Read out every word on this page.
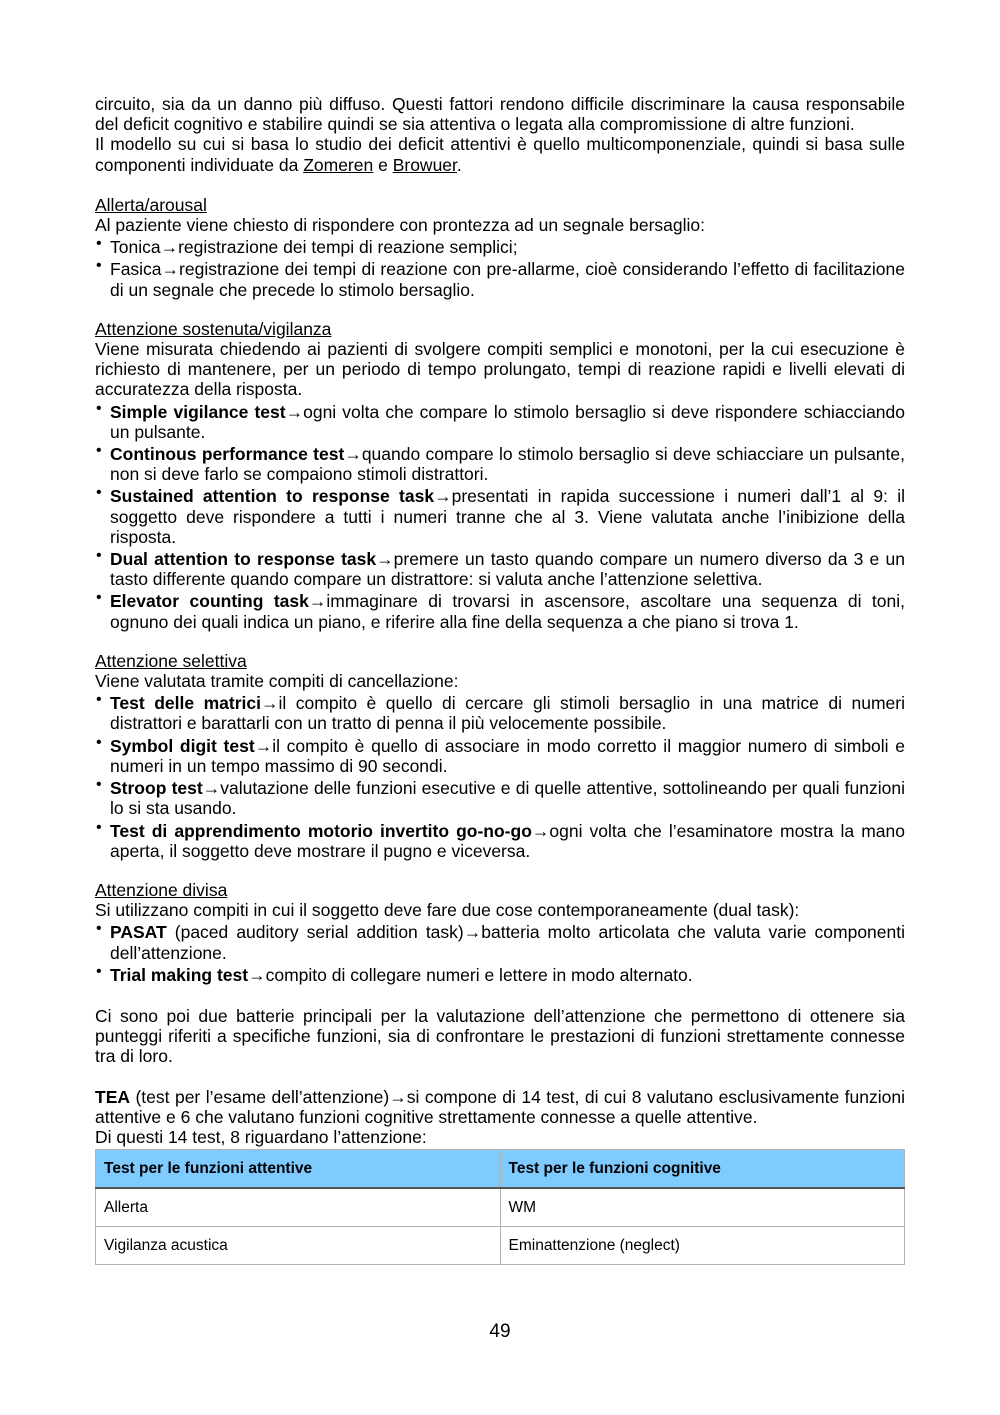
circuito, sia da un danno più diffuso. Questi fattori rendono difficile discriminare la causa responsabile del deficit cognitivo e stabilire quindi se sia attentiva o legata alla compromissione di altre funzioni.

Il modello su cui si basa lo studio dei deficit attentivi è quello multicomponenziale, quindi si basa sulle componenti individuate da Zomeren e Browuer.

Allerta/arousal

Al paziente viene chiesto di rispondere con prontezza ad un segnale bersaglio:

• Tonica→registrazione dei tempi di reazione semplici;
• Fasica→registrazione dei tempi di reazione con pre-allarme, cioè considerando l’effetto di facilitazione di un segnale che precede lo stimolo bersaglio.

Attenzione sostenuta/vigilanza

Viene misurata chiedendo ai pazienti di svolgere compiti semplici e monotoni, per la cui esecuzione è richiesto di mantenere, per un periodo di tempo prolungato, tempi di reazione rapidi e livelli elevati di accuratezza della risposta.

• Simple vigilance test→ogni volta che compare lo stimolo bersaglio si deve rispondere schiacciando un pulsante.
• Continous performance test→quando compare lo stimolo bersaglio si deve schiacciare un pulsante, non si deve farlo se compaiono stimoli distrattori.
• Sustained attention to response task→presentati in rapida successione i numeri dall’1 al 9: il soggetto deve rispondere a tutti i numeri tranne che al 3. Viene valutata anche l’inibizione della risposta.
• Dual attention to response task→premere un tasto quando compare un numero diverso da 3 e un tasto differente quando compare un distrattore: si valuta anche l’attenzione selettiva.
• Elevator counting task→immaginare di trovarsi in ascensore, ascoltare una sequenza di toni, ognuno dei quali indica un piano, e riferire alla fine della sequenza a che piano si trova 1.

Attenzione selettiva

Viene valutata tramite compiti di cancellazione:

• Test delle matrici→il compito è quello di cercare gli stimoli bersaglio in una matrice di numeri distrattori e barattarli con un tratto di penna il più velocemente possibile.
• Symbol digit test→il compito è quello di associare in modo corretto il maggior numero di simboli e numeri in un tempo massimo di 90 secondi.
• Stroop test→valutazione delle funzioni esecutive e di quelle attentive, sottolineando per quali funzioni lo si sta usando.
• Test di apprendimento motorio invertito go-no-go→ogni volta che l’esaminatore mostra la mano aperta, il soggetto deve mostrare il pugno e viceversa.

Attenzione divisa

Si utilizzano compiti in cui il soggetto deve fare due cose contemporaneamente (dual task):

• PASAT (paced auditory serial addition task)→batteria molto articolata che valuta varie componenti dell’attenzione.
• Trial making test→compito di collegare numeri e lettere in modo alternato.

Ci sono poi due batterie principali per la valutazione dell’attenzione che permettono di ottenere sia punteggi riferiti a specifiche funzioni, sia di confrontare le prestazioni di funzioni strettamente connesse tra di loro.

TEA (test per l’esame dell’attenzione)→si compone di 14 test, di cui 8 valutano esclusivamente funzioni attentive e 6 che valutano funzioni cognitive strettamente connesse a quelle attentive.

Di questi 14 test, 8 riguardano l’attenzione:

Test per le funzioni attentive	Test per le funzioni cognitive
Allerta	WM
Vigilanza acustica	Eminattenzione (neglect)
49
